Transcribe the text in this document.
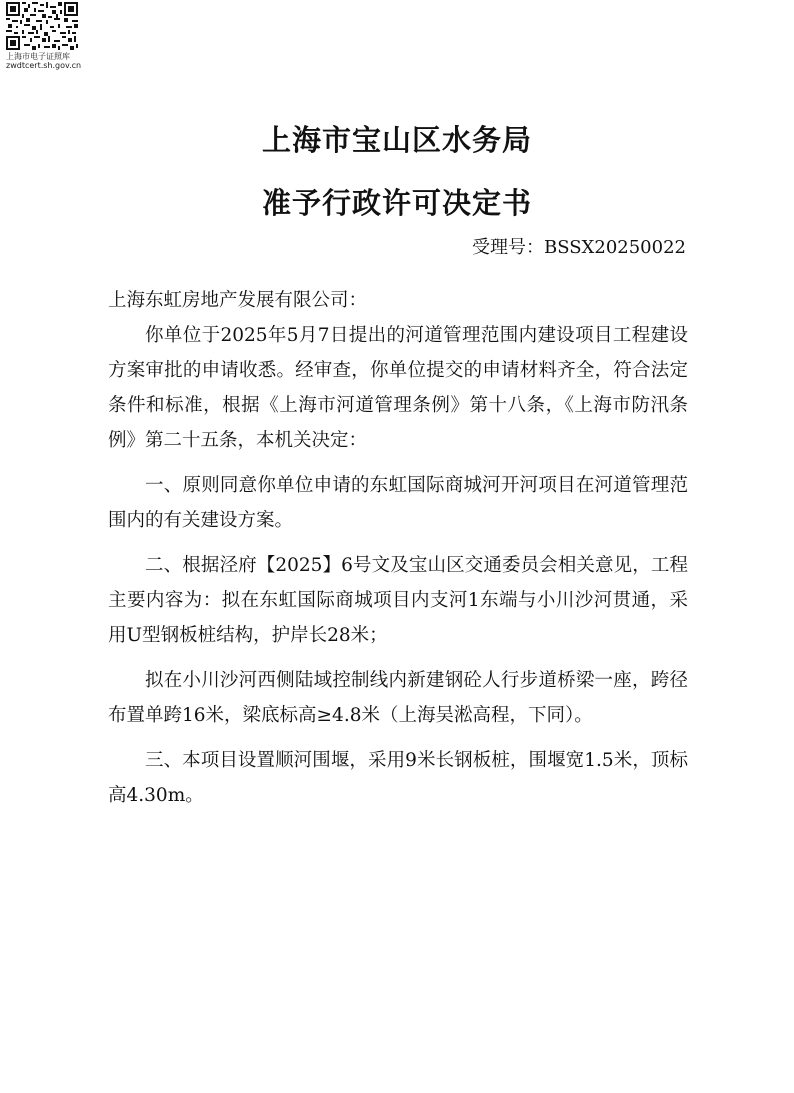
上海市电子证照库
zwdtcert.sh.gov.cn
上海市宝山区水务局
准予行政许可决定书
受理号：BSSX20250022

上海东虹房地产发展有限公司：

你单位于2025年5月7日提出的河道管理范围内建设项目工程建设方案审批的申请收悉。经审查，你单位提交的申请材料齐全，符合法定条件和标准，根据《上海市河道管理条例》第十八条，《上海市防汛条例》第二十五条，本机关决定：

一、原则同意你单位申请的东虹国际商城河开河项目在河道管理范围内的有关建设方案。

二、根据泾府【2025】6号文及宝山区交通委员会相关意见，工程主要内容为：拟在东虹国际商城项目内支河1东端与小川沙河贯通，采用U型钢板桩结构，护岸长28米；

拟在小川沙河西侧陆域控制线内新建钢砼人行步道桥梁一座，跨径布置单跨16米，梁底标高≥4.8米（上海吴淞高程，下同）。

三、本项目设置顺河围堰，采用9米长钢板桩，围堰宽1.5米，顶标高4.30m。
